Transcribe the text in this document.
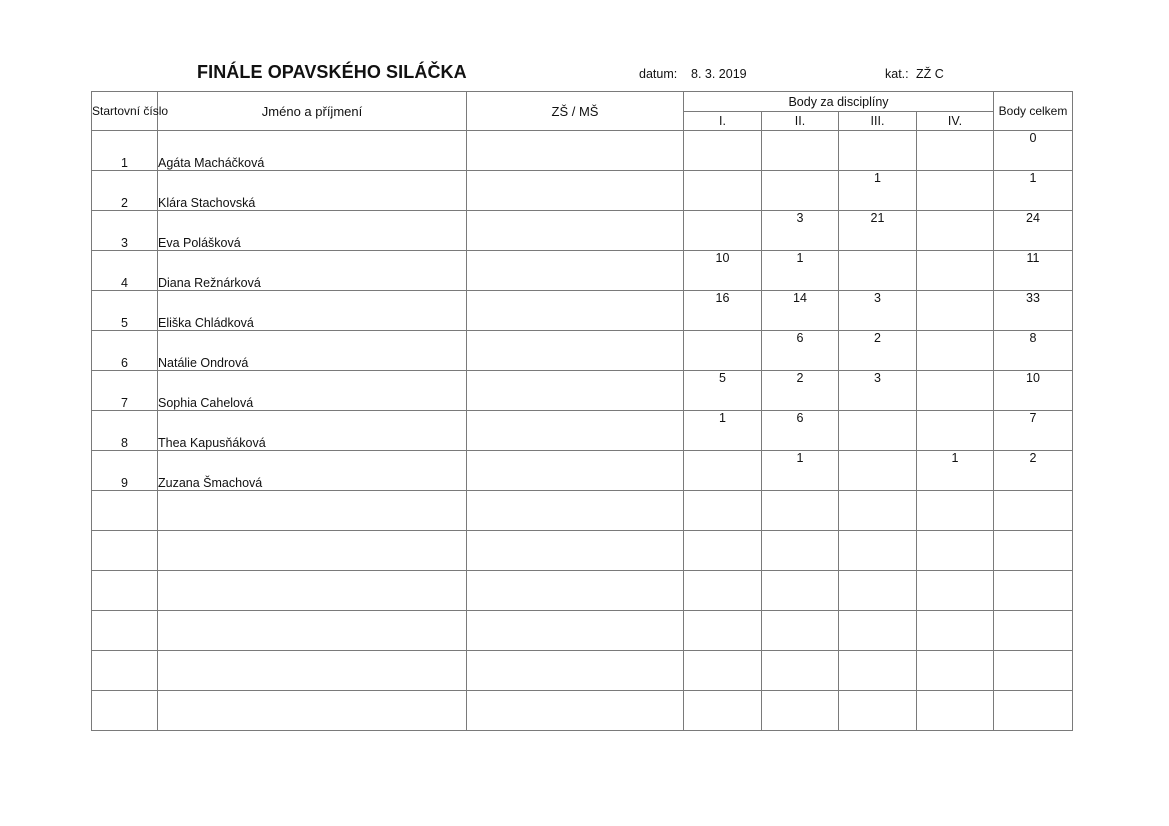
FINÁLE OPAVSKÉHO SILÁČKA	datum: 8. 3. 2019	kat.: ZŽ C
Startovní číslo	Jméno a příjmení	ZŠ / MŠ	Body za disciplíny				Body celkem
			I.	II.	III.	IV.	
1	Agáta Macháčková						0
2	Klára Stachovská				1		1
3	Eva Polášková			3	21		24
4	Diana Režnárková		10	1			11
5	Eliška Chládková		16	14	3		33
6	Natálie Ondrová			6	2		8
7	Sophia Cahelová		5	2	3		10
8	Thea Kapusňáková		1	6			7
9	Zuzana Šmachová			1		1	2
